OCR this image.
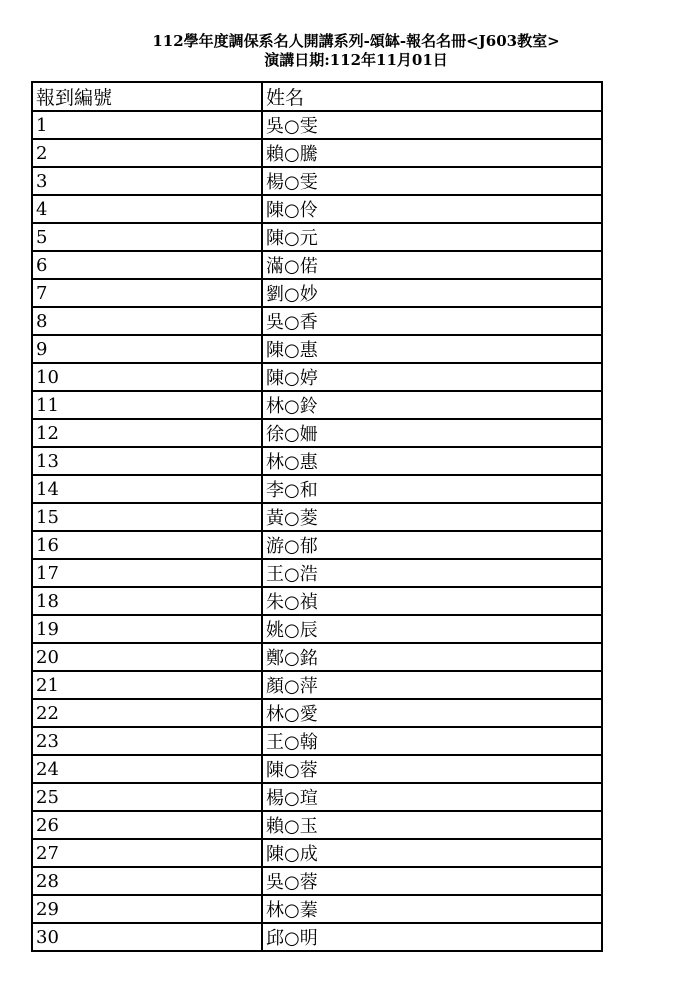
112學年度調保系名人開講系列-頌缽-報名名冊<J603教室>
演講日期:112年11月01日
報到編號	姓名
1	吳○雯
2	賴○騰
3	楊○雯
4	陳○伶
5	陳○元
6	滿○偌
7	劉○妙
8	吳○香
9	陳○惠
10	陳○婷
11	林○鈴
12	徐○姍
13	林○惠
14	李○和
15	黃○菱
16	游○郁
17	王○浩
18	朱○禎
19	姚○辰
20	鄭○銘
21	顏○萍
22	林○愛
23	王○翰
24	陳○蓉
25	楊○瑄
26	賴○玉
27	陳○成
28	吳○蓉
29	林○蓁
30	邱○明
